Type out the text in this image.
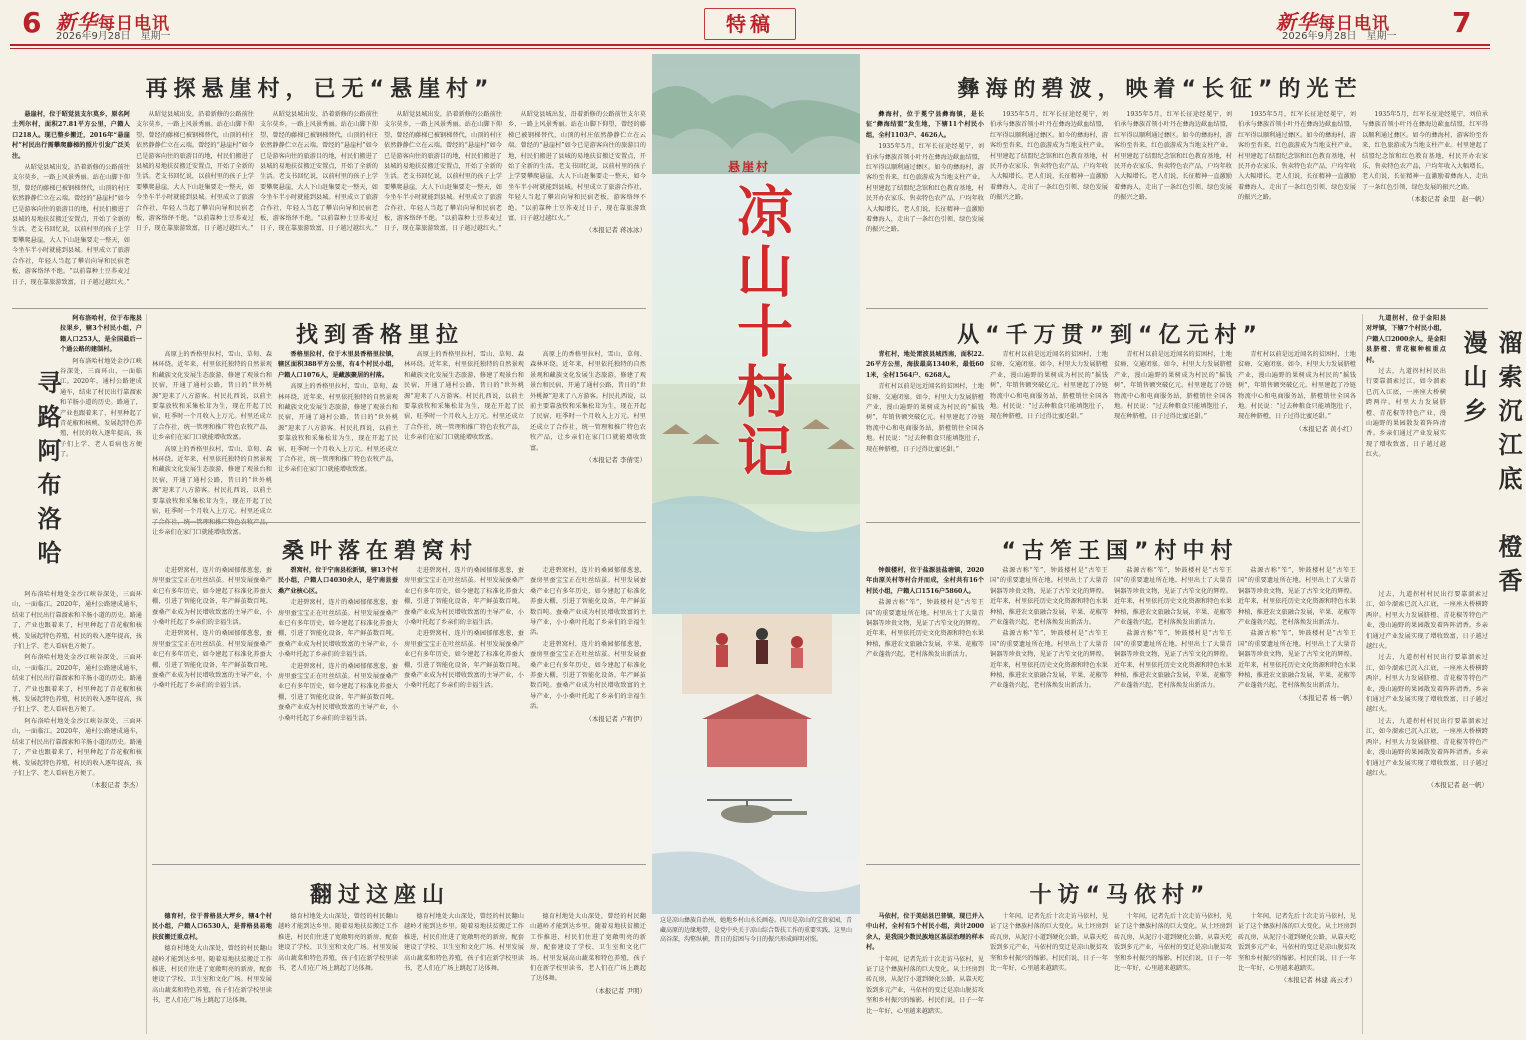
6 新华每日电讯
2026年9月28日　星期一
特稿	新华每日电讯
2026年9月28日　星期一 7
再探悬崖村，已无“悬崖村”

悬崖村，位于昭觉县支尔莫乡，原名阿土列尔村，面积27.81平方公里，户籍人口218人。现已整乡搬迁，2016年“悬崖村”村民出行需攀爬藤梯的照片引发广泛关注。

从昭觉县城出发，沿着新修的公路前往支尔莫乡，一路上风景秀丽。站在山脚下仰望，曾经的藤梯已被钢梯替代，山顶的村庄依然静静伫立在云端。曾经的“悬崖村”如今已是游客向往的旅游目的地，村民们搬进了县城的易地扶贫搬迁安置点，开始了全新的生活。老支书回忆说，以前村里的孩子上学要攀爬悬崖，大人下山赶集要走一整天，如今坐车半小时就能到县城。村里成立了旅游合作社，年轻人当起了攀岩向导和民宿老板，游客络绎不绝。“以前靠种土豆荞麦过日子，现在靠旅游致富，日子越过越红火。”

从昭觉县城出发，沿着新修的公路前往支尔莫乡，一路上风景秀丽。站在山脚下仰望，曾经的藤梯已被钢梯替代，山顶的村庄依然静静伫立在云端。曾经的“悬崖村”如今已是游客向往的旅游目的地，村民们搬进了县城的易地扶贫搬迁安置点，开始了全新的生活。老支书回忆说，以前村里的孩子上学要攀爬悬崖，大人下山赶集要走一整天，如今坐车半小时就能到县城。村里成立了旅游合作社，年轻人当起了攀岩向导和民宿老板，游客络绎不绝。“以前靠种土豆荞麦过日子，现在靠旅游致富，日子越过越红火。”

从昭觉县城出发，沿着新修的公路前往支尔莫乡，一路上风景秀丽。站在山脚下仰望，曾经的藤梯已被钢梯替代，山顶的村庄依然静静伫立在云端。曾经的“悬崖村”如今已是游客向往的旅游目的地，村民们搬进了县城的易地扶贫搬迁安置点，开始了全新的生活。老支书回忆说，以前村里的孩子上学要攀爬悬崖，大人下山赶集要走一整天，如今坐车半小时就能到县城。村里成立了旅游合作社，年轻人当起了攀岩向导和民宿老板，游客络绎不绝。“以前靠种土豆荞麦过日子，现在靠旅游致富，日子越过越红火。”

从昭觉县城出发，沿着新修的公路前往支尔莫乡，一路上风景秀丽。站在山脚下仰望，曾经的藤梯已被钢梯替代，山顶的村庄依然静静伫立在云端。曾经的“悬崖村”如今已是游客向往的旅游目的地，村民们搬进了县城的易地扶贫搬迁安置点，开始了全新的生活。老支书回忆说，以前村里的孩子上学要攀爬悬崖，大人下山赶集要走一整天，如今坐车半小时就能到县城。村里成立了旅游合作社，年轻人当起了攀岩向导和民宿老板，游客络绎不绝。“以前靠种土豆荞麦过日子，现在靠旅游致富，日子越过越红火。”

从昭觉县城出发，沿着新修的公路前往支尔莫乡，一路上风景秀丽。站在山脚下仰望，曾经的藤梯已被钢梯替代，山顶的村庄依然静静伫立在云端。曾经的“悬崖村”如今已是游客向往的旅游目的地，村民们搬进了县城的易地扶贫搬迁安置点，开始了全新的生活。老支书回忆说，以前村里的孩子上学要攀爬悬崖，大人下山赶集要走一整天，如今坐车半小时就能到县城。村里成立了旅游合作社，年轻人当起了攀岩向导和民宿老板，游客络绎不绝。“以前靠种土豆荞麦过日子，现在靠旅游致富，日子越过越红火。”

（本报记者 蒋冰冰）
寻路阿布洛哈

阿布洛哈村，位于布拖县拉果乡，辖3个村民小组，户籍人口253人，是全国最后一个通公路的建制村。

阿布洛哈村地处金沙江峡谷深处，三面环山，一面临江。2020年，通村公路建成通车，结束了村民出行靠溜索和羊肠小道的历史。路通了，产业也跟着来了，村里种起了青花椒和核桃，发展起特色养殖，村民的收入逐年提高，孩子们上学、老人看病也方便了。

阿布洛哈村地处金沙江峡谷深处，三面环山，一面临江。2020年，通村公路建成通车，结束了村民出行靠溜索和羊肠小道的历史。路通了，产业也跟着来了，村里种起了青花椒和核桃，发展起特色养殖，村民的收入逐年提高，孩子们上学、老人看病也方便了。

阿布洛哈村地处金沙江峡谷深处，三面环山，一面临江。2020年，通村公路建成通车，结束了村民出行靠溜索和羊肠小道的历史。路通了，产业也跟着来了，村里种起了青花椒和核桃，发展起特色养殖，村民的收入逐年提高，孩子们上学、老人看病也方便了。

阿布洛哈村地处金沙江峡谷深处，三面环山，一面临江。2020年，通村公路建成通车，结束了村民出行靠溜索和羊肠小道的历史。路通了，产业也跟着来了，村里种起了青花椒和核桃，发展起特色养殖，村民的收入逐年提高，孩子们上学、老人看病也方便了。

（本报记者 李杰）
找到香格里拉

高原上的香格里拉村，雪山、草甸、森林环绕。近年来，村里依托独特的自然景观和藏族文化发展生态旅游，修建了观景台和民宿，开通了通村公路，昔日的“世外桃源”迎来了八方游客。村民扎西说，以前主要靠放牧和采集松茸为生，现在开起了民宿，旺季时一个月收入上万元。村里还成立了合作社，统一管理和推广特色农牧产品，让乡亲们在家门口就能增收致富。

高原上的香格里拉村，雪山、草甸、森林环绕。近年来，村里依托独特的自然景观和藏族文化发展生态旅游，修建了观景台和民宿，开通了通村公路，昔日的“世外桃源”迎来了八方游客。村民扎西说，以前主要靠放牧和采集松茸为生，现在开起了民宿，旺季时一个月收入上万元。村里还成立 让乡亲们在家门口就能增收致富。

香格里拉村，位于木里县香格里拉镇，辖区面积388平方公里，有4个村民小组，户籍人口1076人，是藏族聚居的村落。

高原上的香格里拉村，雪山、草甸、森林环绕。近年来，村里依托独特的自然景观和藏族文化发展生态旅游，修建了观景台和民宿，开通了通村公路，昔日的“世外桃源”迎来了八方游客。村民扎西说，以前主要靠放牧和采集松茸为生，现在开起了民宿，旺季时一个月收入上万元。村里还成立了合作社，统一管理和推广特色农牧产品，让乡亲们在家门口就能增收致富。

高原上的香格里拉村，雪山、草甸、森林环绕。近年来，村里依托独特的自然景观和藏族文化发展生态旅游，修建了观景台和民宿，开通了通村公路，昔日的“世外桃源”迎来了八方游客。村民扎西说，以前主要靠放牧和采集松茸为生，现在开起了民宿，旺季时一个月收入上万元。村里还成立了合作社，统一管理和推广特色农牧产品，让乡亲们在家门口就能增收致富。

高原上的香格里拉村，雪山、草甸、森林环绕。近年来，村里依托独特的自然景观和藏族文化发展生态旅游，修建了观景台和民宿，开通了通村公路，昔日的“世外桃源”迎来了八方游客。村民扎西说，以前主要靠放牧和采集松茸为生，现在开起了民宿，旺季时一个月收入上万元。村里还成立了合作社，统一管理和推广特色农牧产品，让乡亲们在家门口就能增收致富。

（本报记者 李倩雯）
桑叶落在碧窝村

走进碧窝村，连片的桑园郁郁葱葱，蚕房里蚕宝宝正在吐丝结茧。村里发展蚕桑产业已有多年历史，如今建起了标准化养蚕大棚，引进了智能化设备，年产鲜茧数百吨。蚕桑产业成为村民增收致富的主导产业，小小桑叶托起了乡亲们的幸福生活。

走进碧窝村，连片的桑园郁郁葱葱，蚕房里蚕宝宝正在吐丝结茧。村里发展蚕桑产业已有多年历史，如今建起了标准化养蚕大棚，引进了智能化设备，年产鲜茧数百吨。蚕桑产业成为村民增收致富的主导产业，小小桑叶托起了乡亲们的幸福生活。

碧窝村，位于宁南县松新镇，辖13个村民小组，户籍人口4030余人，是宁南县蚕桑产业核心区。

走进碧窝村，连片的桑园郁郁葱葱，蚕房里蚕宝宝正在吐丝结茧。村里发展蚕桑产业已有多年历史，如今建起了标准化养蚕大棚，引进了智能化设备，年产鲜茧数百吨。蚕桑产业成为村民增收致富的主导产业，小小桑叶托起了乡亲们的幸福生活。

走进碧窝村，连片的桑园郁郁葱葱，蚕房里蚕宝宝正在吐丝结茧。村里发展蚕桑产业已有多年历史，如今建起了标准化养蚕大棚，引进了智能化设备，年产鲜茧数百吨。蚕桑产业成为村民增收致富的主导产业，小小桑叶托起了乡亲们的幸福生活。

走进碧窝村，连片的桑园郁郁葱葱，蚕房里蚕宝宝正在吐丝结茧。村里发展蚕桑产业已有多年历史，如今建起了标准化养蚕大棚，引进了智能化设备，年产鲜茧数百吨。蚕桑产业成为村民增收致富的主导产业，小小桑叶托起了乡亲们的幸福生活。

走进碧窝村，连片的桑园郁郁葱葱，蚕房里蚕宝宝正在吐丝结茧。村里发展蚕桑产业已有多年历史，如今建起了标准化养蚕大棚，引进了智能化设备，年产鲜茧数百吨。蚕桑产业成为村民增收致富的主导产业，小小桑叶托起了乡亲们的幸福生活。

走进碧窝村，连片的桑园郁郁葱葱，蚕房里蚕宝宝正在吐丝结茧。村里发展蚕桑产业已有多年历史，如今建起了标准化养蚕大棚，引进了智能化设备，年产鲜茧数百吨。蚕桑产业成为村民增收致富的主导产业，小小桑叶托起了乡亲们的幸福生活。

走进碧窝村，连片的桑园郁郁葱葱，蚕房里蚕宝宝正在吐丝结茧。村里发展蚕桑产业已有多年历史，如今建起了标准化养蚕大棚，引进了智能化设备，年产鲜茧数百吨。蚕桑产业成为村民增收致富的主导产业，小小桑叶托起了乡亲们的幸福生活。

（本报记者 卢宥伊）
翻过这座山

德育村，位于普格县大坪乡，辖4个村民小组，户籍人口6530人，是普格县易地扶贫搬迁重点村。

德育村地处大山深处，曾经的村民翻山越岭才能到达乡里。随着易地扶贫搬迁工作推进，村民们住进了宽敞明亮的新房，配套建设了学校、卫生室和文化广场。村里发展高山蔬菜和特色养殖，孩子们在新学校里读书，老人们在广场上跳起了达体舞。

德育村地处大山深处，曾经的村民翻山越岭才能到达乡里。随着易地扶贫搬迁工作推进，村民们住进了宽敞明亮的新房，配套建设了学校、卫生室和文化广场。村里发展高山蔬菜和特色养殖，孩子们在新学校里读书，老人们在广场上跳起了达体舞。

德育村地处大山深处，曾经的村民翻山越岭才能到达乡里。随着易地扶贫搬迁工作推进，村民们住进了宽敞明亮的新房，配套建设了学校、卫生室和文化广场。村里发展高山蔬菜和特色养殖，孩子们在新学校里读书，老人们在广场上跳起了达体舞。

德育村地处大山深处，曾经的村民翻山越岭才能到达乡里。随着易地扶贫搬迁工作推进，村民们住进了宽敞明亮的新房，配套建设了学校、卫生室和文化广场。村里发展高山蔬菜和特色养殖，孩子们在新学校里读书，老人们在广场上跳起了达体舞。

（本报记者 尹明）
悬崖村
凉山十村记
这是凉山彝族自治州，她地乡村山水长画卷。四川是凉山的宝贵家园，青藏高原的边缘地带，是党中央关于凉山综合帮扶工作的重要实践。这里山高谷深，沟壑纵横，昔日的贫困与今日的振兴形成鲜明对照。
彝海的碧波，映着“长征”的光芒

彝海村，位于冕宁县彝海镇，是长征“彝海结盟”发生地，下辖11个村民小组，全村1103户、4626人。

1935年5月，红军长征途经冕宁，刘伯承与彝族首领小叶丹在彝海边歃血结盟，红军得以顺利通过彝区。如今的彝海村，游客纷至沓来，红色旅游成为当地支柱产业。村里建起了结盟纪念馆和红色教育基地，村民开办农家乐、售卖特色农产品，户均年收入大幅增长。老人们说，长征精神一直激励着彝海人，走出了一条红色引领、绿色发展的振兴之路。

1935年5月，红军长征途经冕宁，刘伯承与彝族首领小叶丹在彝海边歃血结盟，红军得以顺利通过彝区。如今的彝海村，游客纷至沓来，红色旅游成为当地支柱产业。村里建起了结盟纪念馆和红色教育基地，村民开办农家乐、售卖特色农产品，户均年收入大幅增长。老人们说，长征精神一直激励着彝海人，走出了一条红色引领、绿色发展的振兴之路。

1935年5月，红军长征途经冕宁，刘伯承与彝族首领小叶丹在彝海边歃血结盟，红军得以顺利通过彝区。如今的彝海村，游客纷至沓来，红色旅游成为当地支柱产业。村里建起了结盟纪念馆和红色教育基地，村民开办农家乐、售卖特色农产品，户均年收入大幅增长。老人们说，长征精神一直激励着彝海人，走出了一条红色引领、绿色发展的振兴之路。

1935年5月，红军长征途经冕宁，刘伯承与彝族首领小叶丹在彝海边歃血结盟，红军得以顺利通过彝区。如今的彝海村，游客纷至沓来，红色旅游成为当地支柱产业。村里建起了结盟纪念馆和红色教育基地，村民开办农家乐、售卖特色农产品，户均年收入大幅增长。老人们说，长征精神一直激励着彝海人，走出了一条红色引领、绿色发展的振兴之路。

1935年5月，红军长征途经冕宁，刘伯承与彝族首领小叶丹在彝海边歃血结盟，红军得以顺利通过彝区。如今的彝海村，游客纷至沓来，红色旅游成为当地支柱产业。村里建起了结盟纪念馆和红色教育基地，村民开办农家乐、售卖特色农产品，户均年收入大幅增长。老人们说，长征精神一直激励着彝海人，走出了一条红色引领、绿色发展的振兴之路。

（本报记者 余里　赵一帆）
从“千万贯”到“亿元村”

青杠村，地处雷波县城西南，面积22.26平方公里，海拔最高1340米，最低601米，全村1564户、6268人。

青杠村以前是远近闻名的贫困村，土地贫瘠、交通闭塞。如今，村里大力发展脐橙产业，漫山遍野的果树成为村民的“摇钱树”，年销售额突破亿元。村里建起了冷链物流中心和电商服务站，脐橙销往全国各地。村民说：“过去种粮食只能填饱肚子，现在种脐橙，日子过得比蜜还甜。”

青杠村以前是远近闻名的贫困村，土地贫瘠、交通闭塞。如今，村里大力发展脐橙产业，漫山遍野的果树成为村民的“摇钱树”，年销售额突破亿元。村里建起了冷链物流中心和电商服务站，脐橙销往全国各地。村民说：“过去种粮食只能填饱肚子，现在种脐橙，日子过得比蜜还甜。”

青杠村以前是远近闻名的贫困村，土地贫瘠、交通闭塞。如今，村里大力发展脐橙产业，漫山遍野的果树成为村民的“摇钱树”，年销售额突破亿元。村里建起了冷链物流中心和电商服务站，脐橙销往全国各地。村民说：“过去种粮食只能填饱肚子，现在种脐橙，日子过得比蜜还甜。”

青杠村以前是远近闻名的贫困村，土地贫瘠、交通闭塞。如今，村里大力发展脐橙产业，漫山遍野的果树成为村民的“摇钱树”，年销售额突破亿元。村里建起了冷链物流中心和电商服务站，脐橙销往全国各地。村民说：“过去种粮食只能填饱肚子，现在种脐橙，日子过得比蜜还甜。”

（本报记者 黄小红）

九道拐村，位于金阳县对坪镇，下辖7个村民小组，户籍人口2000余人，是金阳县脐橙、青花椒种植重点村。

过去，九道拐村村民出行要靠溜索过江，如今溜索已沉入江底，一座座大桥横跨两岸。村里大力发展脐橙、青花椒等特色产业，漫山遍野的果园散发着阵阵清香。乡亲们通过产业发展实现了增收致富，日子越过越红火。	溜索沉江底　橙香漫山乡

过去，九道拐村村民出行要靠溜索过江，如今溜索已沉入江底，一座座大桥横跨两岸。村里大力发展脐橙、青花椒等特色产业，漫山遍野的果园散发着阵阵清香。乡亲们通过产业发展实现了增收致富，日子越过越红火。

过去，九道拐村村民出行要靠溜索过江，如今溜索已沉入江底，一座座大桥横跨两岸。村里大力发展脐橙、青花椒等特色产业，漫山遍野的果园散发着阵阵清香。乡亲们通过产业发展实现了增收致富，日子越过越红火。

过去，九道拐村村民出行要靠溜索过江，如今溜索已沉入江底，一座座大桥横跨两岸。村里大力发展脐橙、青花椒等特色产业，漫山遍野的果园散发着阵阵清香。乡亲们通过产业发展实现了增收致富，日子越过越红火。

（本报记者 赵一帆）
“古笮王国”村中村

钟鼓楼村，位于盐源县盐塘镇，2020年由原关村等村合并而成，全村共有16个村民小组，户籍人口1516户5860人。

盐源古称“笮”，钟鼓楼村是“古笮王国”的重要遗址所在地。村里出土了大量青铜器等珍贵文物，见证了古笮文化的辉煌。近年来，村里依托历史文化资源和特色水果种植，推进农文旅融合发展，苹果、花椒等产业蓬勃兴起，老村落焕发出新活力。

盐源古称“笮”，钟鼓楼村是“古笮王国”的重要遗址所在地。村里出土了大量青铜器等珍贵文物，见证了古笮文化的辉煌。近年来，村里依托历史文化资源和特色水果种植，推进农文旅融合发展，苹果、花椒等产业蓬勃兴起，老村落焕发出新活力。

盐源古称“笮”，钟鼓楼村是“古笮王国”的重要遗址所在地。村里出土了大量青铜器等珍贵文物，见证了古笮文化的辉煌。近年来，村里依托历史文化资源和特色水果种植，推进农文旅融合发展，苹果、花椒等产业蓬勃兴起，老村落焕发出新活力。

盐源古称“笮”，钟鼓楼村是“古笮王国”的重要遗址所在地。村里出土了大量青铜器等珍贵文物，见证了古笮文化的辉煌。近年来，村里依托历史文化资源和特色水果种植，推进农文旅融合发展，苹果、花椒等产业蓬勃兴起，老村落焕发出新活力。

盐源古称“笮”，钟鼓楼村是“古笮王国”的重要遗址所在地。村里出土了大量青铜器等珍贵文物，见证了古笮文化的辉煌。近年来，村里依托历史文化资源和特色水果种植，推进农文旅融合发展，苹果、花椒等产业蓬勃兴起，老村落焕发出新活力。

盐源古称“笮”，钟鼓楼村是“古笮王国”的重要遗址所在地。村里出土了大量青铜器等珍贵文物，见证了古笮文化的辉煌。近年来，村里依托历史文化资源和特色水果种植，推进农文旅融合发展，苹果、花椒等产业蓬勃兴起，老村落焕发出新活力。

盐源古称“笮”，钟鼓楼村是“古笮王国”的重要遗址所在地。村里出土了大量青铜器等珍贵文物，见证了古笮文化的辉煌。近年来，村里依托历史文化资源和特色水果种植，推进农文旅融合发展，苹果、花椒等产业蓬勃兴起，老村落焕发出新活力。

（本报记者 杨一帆）
十访“马依村”

马依村，位于美姑县巴普镇，现已并入中山村，全村有5个村民小组，共计2000余人，是我国少数民族地区基层治理的样本村。

十年间，记者先后十次走访马依村，见证了这个彝族村落的巨大变化。从土坯房到砖瓦房，从泥泞小道到硬化公路，从靠天吃饭到多元产业，马依村的变迁是凉山脱贫攻坚和乡村振兴的缩影。村民们说，日子一年比一年好，心里越来越踏实。

十年间，记者先后十次走访马依村，见证了这个彝族村落的巨大变化。从土坯房到砖瓦房，从泥泞小道到硬化公路，从靠天吃饭到多元产业，马依村的变迁是凉山脱贫攻坚和乡村振兴的缩影。村民们说，日子一年比一年好，心里越来越踏实。

十年间，记者先后十次走访马依村，见证了这个彝族村落的巨大变化。从土坯房到砖瓦房，从泥泞小道到硬化公路，从靠天吃饭到多元产业，马依村的变迁是凉山脱贫攻坚和乡村振兴的缩影。村民们说，日子一年比一年好，心里越来越踏实。

十年间，记者先后十次走访马依村，见证了这个彝族村落的巨大变化。从土坯房到砖瓦房，从泥泞小道到硬化公路，从靠天吃饭到多元产业，马依村的变迁是凉山脱贫攻坚和乡村振兴的缩影。村民们说，日子一年比一年好，心里越来越踏实。

（本报记者 林建 高云才）
